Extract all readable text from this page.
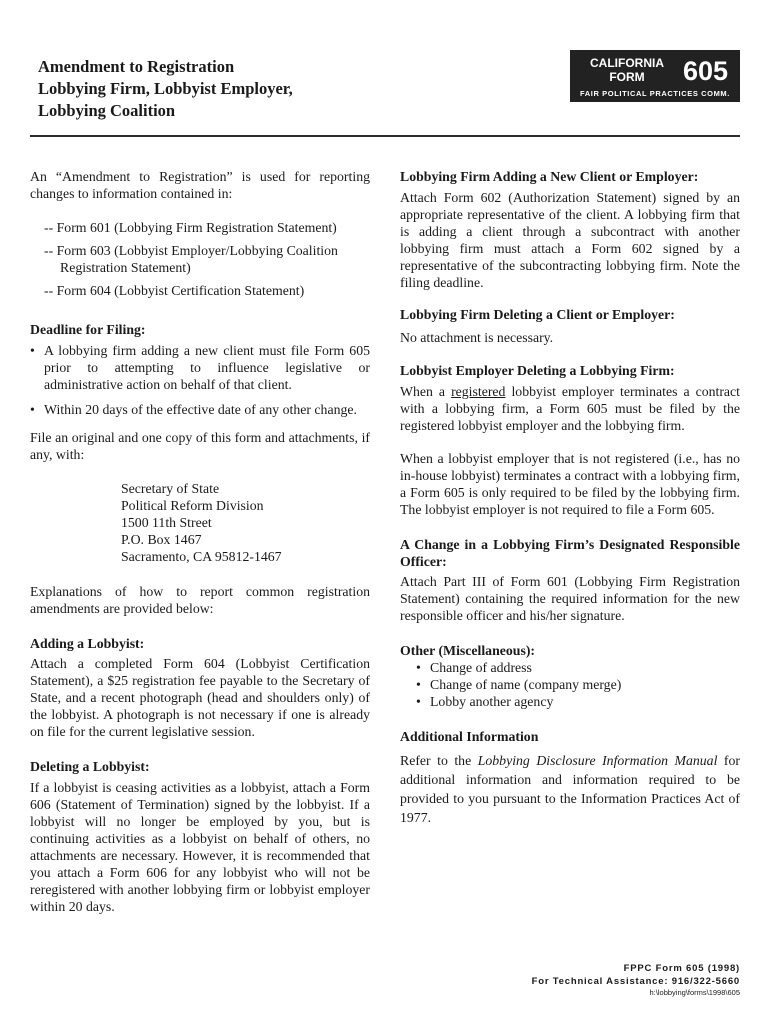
Amendment to Registration
Lobbying Firm, Lobbyist Employer,
Lobbying Coalition
CALIFORNIA
FORM	605
FAIR POLITICAL PRACTICES COMM.

An “Amendment to Registration” is used for reporting changes to information contained in:

-- Form 601 (Lobbying Firm Registration Statement)
-- Form 603 (Lobbyist Employer/Lobbying Coalition Registration Statement)
-- Form 604 (Lobbyist Certification Statement)

Deadline for Filing:

• A lobbying firm adding a new client must file Form 605 prior to attempting to influence legislative or administrative action on behalf of that client.
• Within 20 days of the effective date of any other change.

File an original and one copy of this form and attachments, if any, with:

Secretary of State
Political Reform Division
1500 11th Street
P.O. Box 1467
Sacramento, CA 95812-1467

Explanations of how to report common registration amendments are provided below:

Adding a Lobbyist:

Attach a completed Form 604 (Lobbyist Certification Statement), a $25 registration fee payable to the Secretary of State, and a recent photograph (head and shoulders only) of the lobbyist. A photograph is not necessary if one is already on file for the current legislative session.

Deleting a Lobbyist:

If a lobbyist is ceasing activities as a lobbyist, attach a Form 606 (Statement of Termination) signed by the lobbyist. If a lobbyist will no longer be employed by you, but is continuing activities as a lobbyist on behalf of others, no attachments are necessary. However, it is recommended that you attach a Form 606 for any lobbyist who will not be reregistered with another lobbying firm or lobbyist employer within 20 days.

Lobbying Firm Adding a New Client or Employer:

Attach Form 602 (Authorization Statement) signed by an appropriate representative of the client. A lobbying firm that is adding a client through a subcontract with another lobbying firm must attach a Form 602 signed by a representative of the subcontracting lobbying firm. Note the filing deadline.

Lobbying Firm Deleting a Client or Employer:

No attachment is necessary.

Lobbyist Employer Deleting a Lobbying Firm:

When a registered lobbyist employer terminates a contract with a lobbying firm, a Form 605 must be filed by the registered lobbyist employer and the lobbying firm.

When a lobbyist employer that is not registered (i.e., has no in-house lobbyist) terminates a contract with a lobbying firm, a Form 605 is only required to be filed by the lobbying firm. The lobbyist employer is not required to file a Form 605.

A Change in a Lobbying Firm’s Designated Responsible Officer:

Attach Part III of Form 601 (Lobbying Firm Registration Statement) containing the required information for the new responsible officer and his/her signature.

Other (Miscellaneous):

• Change of address
• Change of name (company merge)
• Lobby another agency

Additional Information

Refer to the Lobbying Disclosure Information Manual for additional information and information required to be provided to you pursuant to the Information Practices Act of 1977.

FPPC Form 605 (1998)
For Technical Assistance: 916/322-5660
h:\lobbying\forms\1998\605
